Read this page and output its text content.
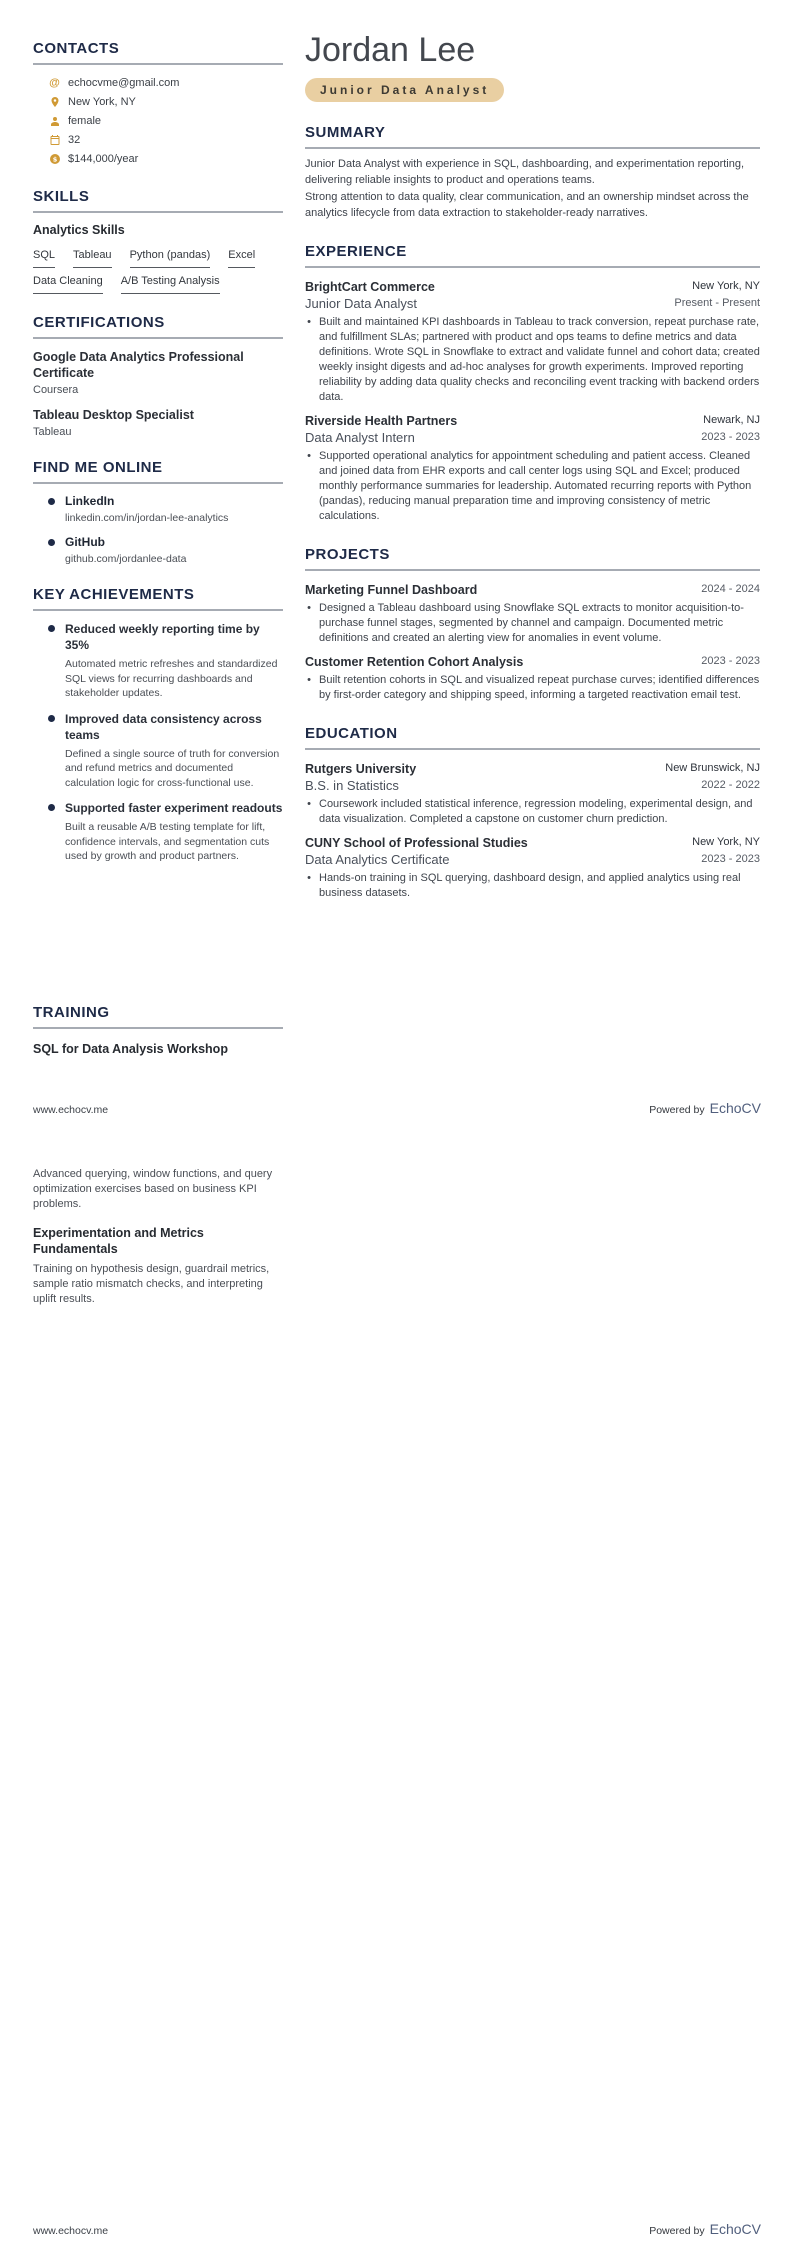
CONTACTS
@ echocvme@gmail.com
New York, NY
female
32
$ $144,000/year
SKILLS
Analytics Skills
SQL Tableau Python (pandas) Excel
Data Cleaning A/B Testing Analysis
CERTIFICATIONS
Google Data Analytics Professional Certificate
Coursera
Tableau Desktop Specialist
Tableau
FIND ME ONLINE
LinkedIn
linkedin.com/in/jordan-lee-analytics
GitHub
github.com/jordanlee-data
KEY ACHIEVEMENTS
Reduced weekly reporting time by 35%
Automated metric refreshes and standardized SQL views for recurring dashboards and stakeholder updates.
Improved data consistency across teams
Defined a single source of truth for conversion and refund metrics and documented calculation logic for cross-functional use.
Supported faster experiment readouts
Built a reusable A/B testing template for lift, confidence intervals, and segmentation cuts used by growth and product partners.
TRAINING
SQL for Data Analysis Workshop
Jordan Lee
Junior Data Analyst
SUMMARY
Junior Data Analyst with experience in SQL, dashboarding, and experimentation reporting, delivering reliable insights to product and operations teams.
Strong attention to data quality, clear communication, and an ownership mindset across the analytics lifecycle from data extraction to stakeholder-ready narratives.
EXPERIENCE
BrightCart Commerce	New York, NY
Junior Data Analyst	Present - Present
• Built and maintained KPI dashboards in Tableau to track conversion, repeat purchase rate, and fulfillment SLAs; partnered with product and ops teams to define metrics and data definitions. Wrote SQL in Snowflake to extract and validate funnel and cohort data; created weekly insight digests and ad-hoc analyses for growth experiments. Improved reporting reliability by adding data quality checks and reconciling event tracking with backend orders data.
Riverside Health Partners	Newark, NJ
Data Analyst Intern	2023 - 2023
• Supported operational analytics for appointment scheduling and patient access. Cleaned and joined data from EHR exports and call center logs using SQL and Excel; produced monthly performance summaries for leadership. Automated recurring reports with Python (pandas), reducing manual preparation time and improving consistency of metric calculations.
PROJECTS
Marketing Funnel Dashboard	2024 - 2024
• Designed a Tableau dashboard using Snowflake SQL extracts to monitor acquisition-to-purchase funnel stages, segmented by channel and campaign. Documented metric definitions and created an alerting view for anomalies in event volume.
Customer Retention Cohort Analysis	2023 - 2023
• Built retention cohorts in SQL and visualized repeat purchase curves; identified differences by first-order category and shipping speed, informing a targeted reactivation email test.
EDUCATION
Rutgers University	New Brunswick, NJ
B.S. in Statistics	2022 - 2022
• Coursework included statistical inference, regression modeling, experimental design, and data visualization. Completed a capstone on customer churn prediction.
CUNY School of Professional Studies	New York, NY
Data Analytics Certificate	2023 - 2023
• Hands-on training in SQL querying, dashboard design, and applied analytics using real business datasets.
www.echocv.me	Powered by EchoCV
Advanced querying, window functions, and query optimization exercises based on business KPI problems.
Experimentation and Metrics Fundamentals
Training on hypothesis design, guardrail metrics, sample ratio mismatch checks, and interpreting uplift results.
www.echocv.me	Powered by EchoCV
